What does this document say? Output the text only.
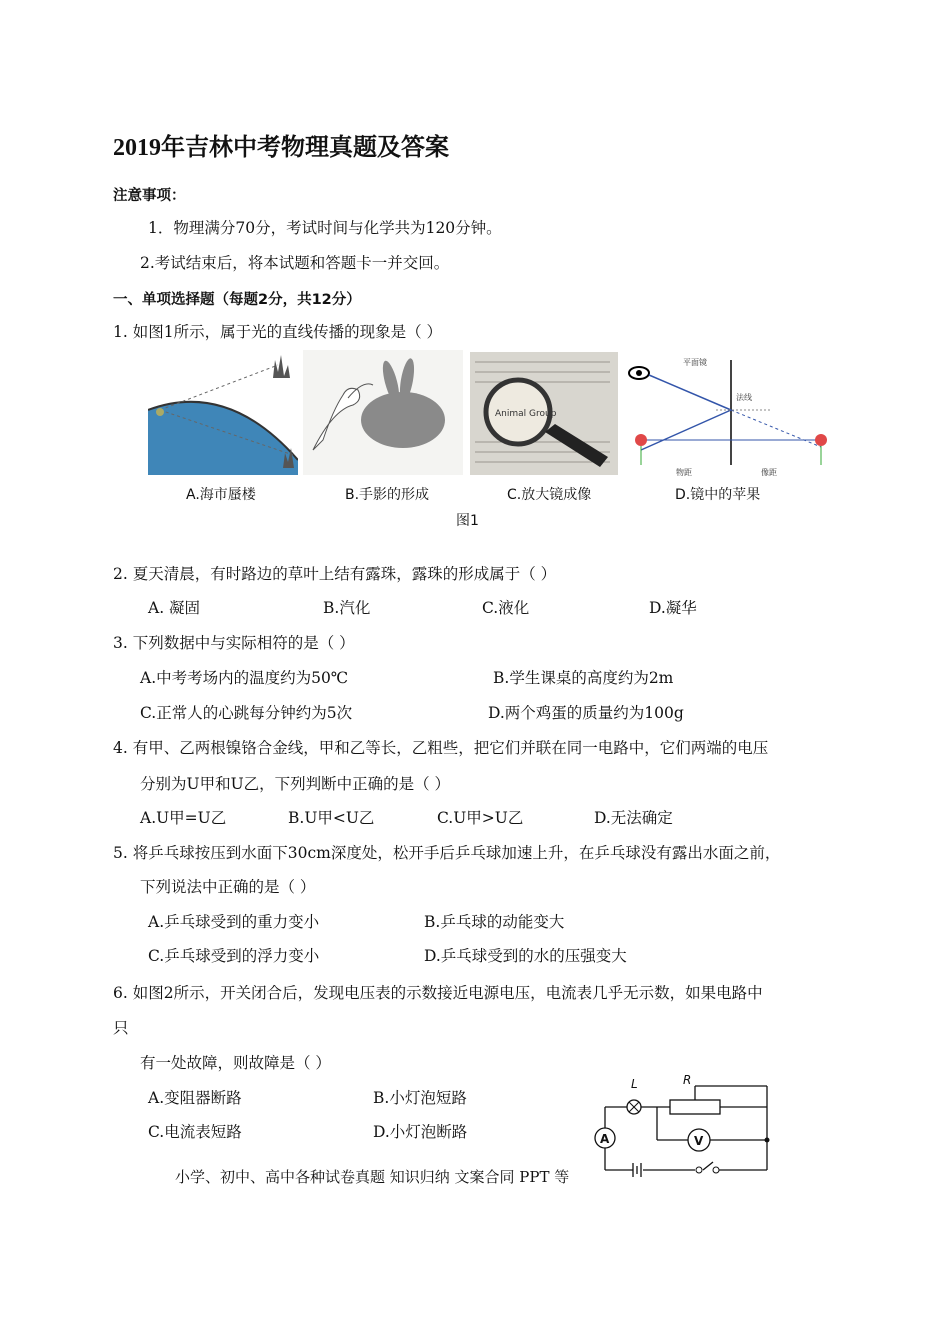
2019年吉林中考物理真题及答案
注意事项：
1．物理满分70分，考试时间与化学共为120分钟。
2.考试结束后，将本试题和答题卡一并交回。
一、单项选择题（每题2分，共12分）
1. 如图1所示，属于光的直线传播的现象是（ ）
A.海市蜃楼	B.手影的形成
Animal Group
C.放大镜成像
平面镜
法线
物距	像距
D.镜中的苹果
图1
2. 夏天清晨，有时路边的草叶上结有露珠，露珠的形成属于（ ）
A. 凝固	B.汽化	C.液化	D.凝华
3. 下列数据中与实际相符的是（ ）
A.中考考场内的温度约为50℃	B.学生课桌的高度约为2m
C.正常人的心跳每分钟约为5次	D.两个鸡蛋的质量约为100g
4. 有甲、乙两根镍铬合金线，甲和乙等长，乙粗些，把它们并联在同一电路中，它们两端的电压
分别为U甲和U乙，下列判断中正确的是（ ）
A.U甲=U乙	B.U甲<U乙	C.U甲>U乙	D.无法确定
5. 将乒乓球按压到水面下30cm深度处，松开手后乒乓球加速上升，在乒乓球没有露出水面之前，
下列说法中正确的是（ ）
A.乒乓球受到的重力变小	B.乒乓球的动能变大
C.乒乓球受到的浮力变小	D.乒乓球受到的水的压强变大
6. 如图2所示，开关闭合后，发现电压表的示数接近电源电压，电流表几乎无示数，如果电路中
只
有一处故障，则故障是（ ）
A.变阻器断路	B.小灯泡短路
C.电流表短路	D.小灯泡断路
L	R
A	V
小学、初中、高中各种试卷真题 知识归纳 文案合同 PPT 等
